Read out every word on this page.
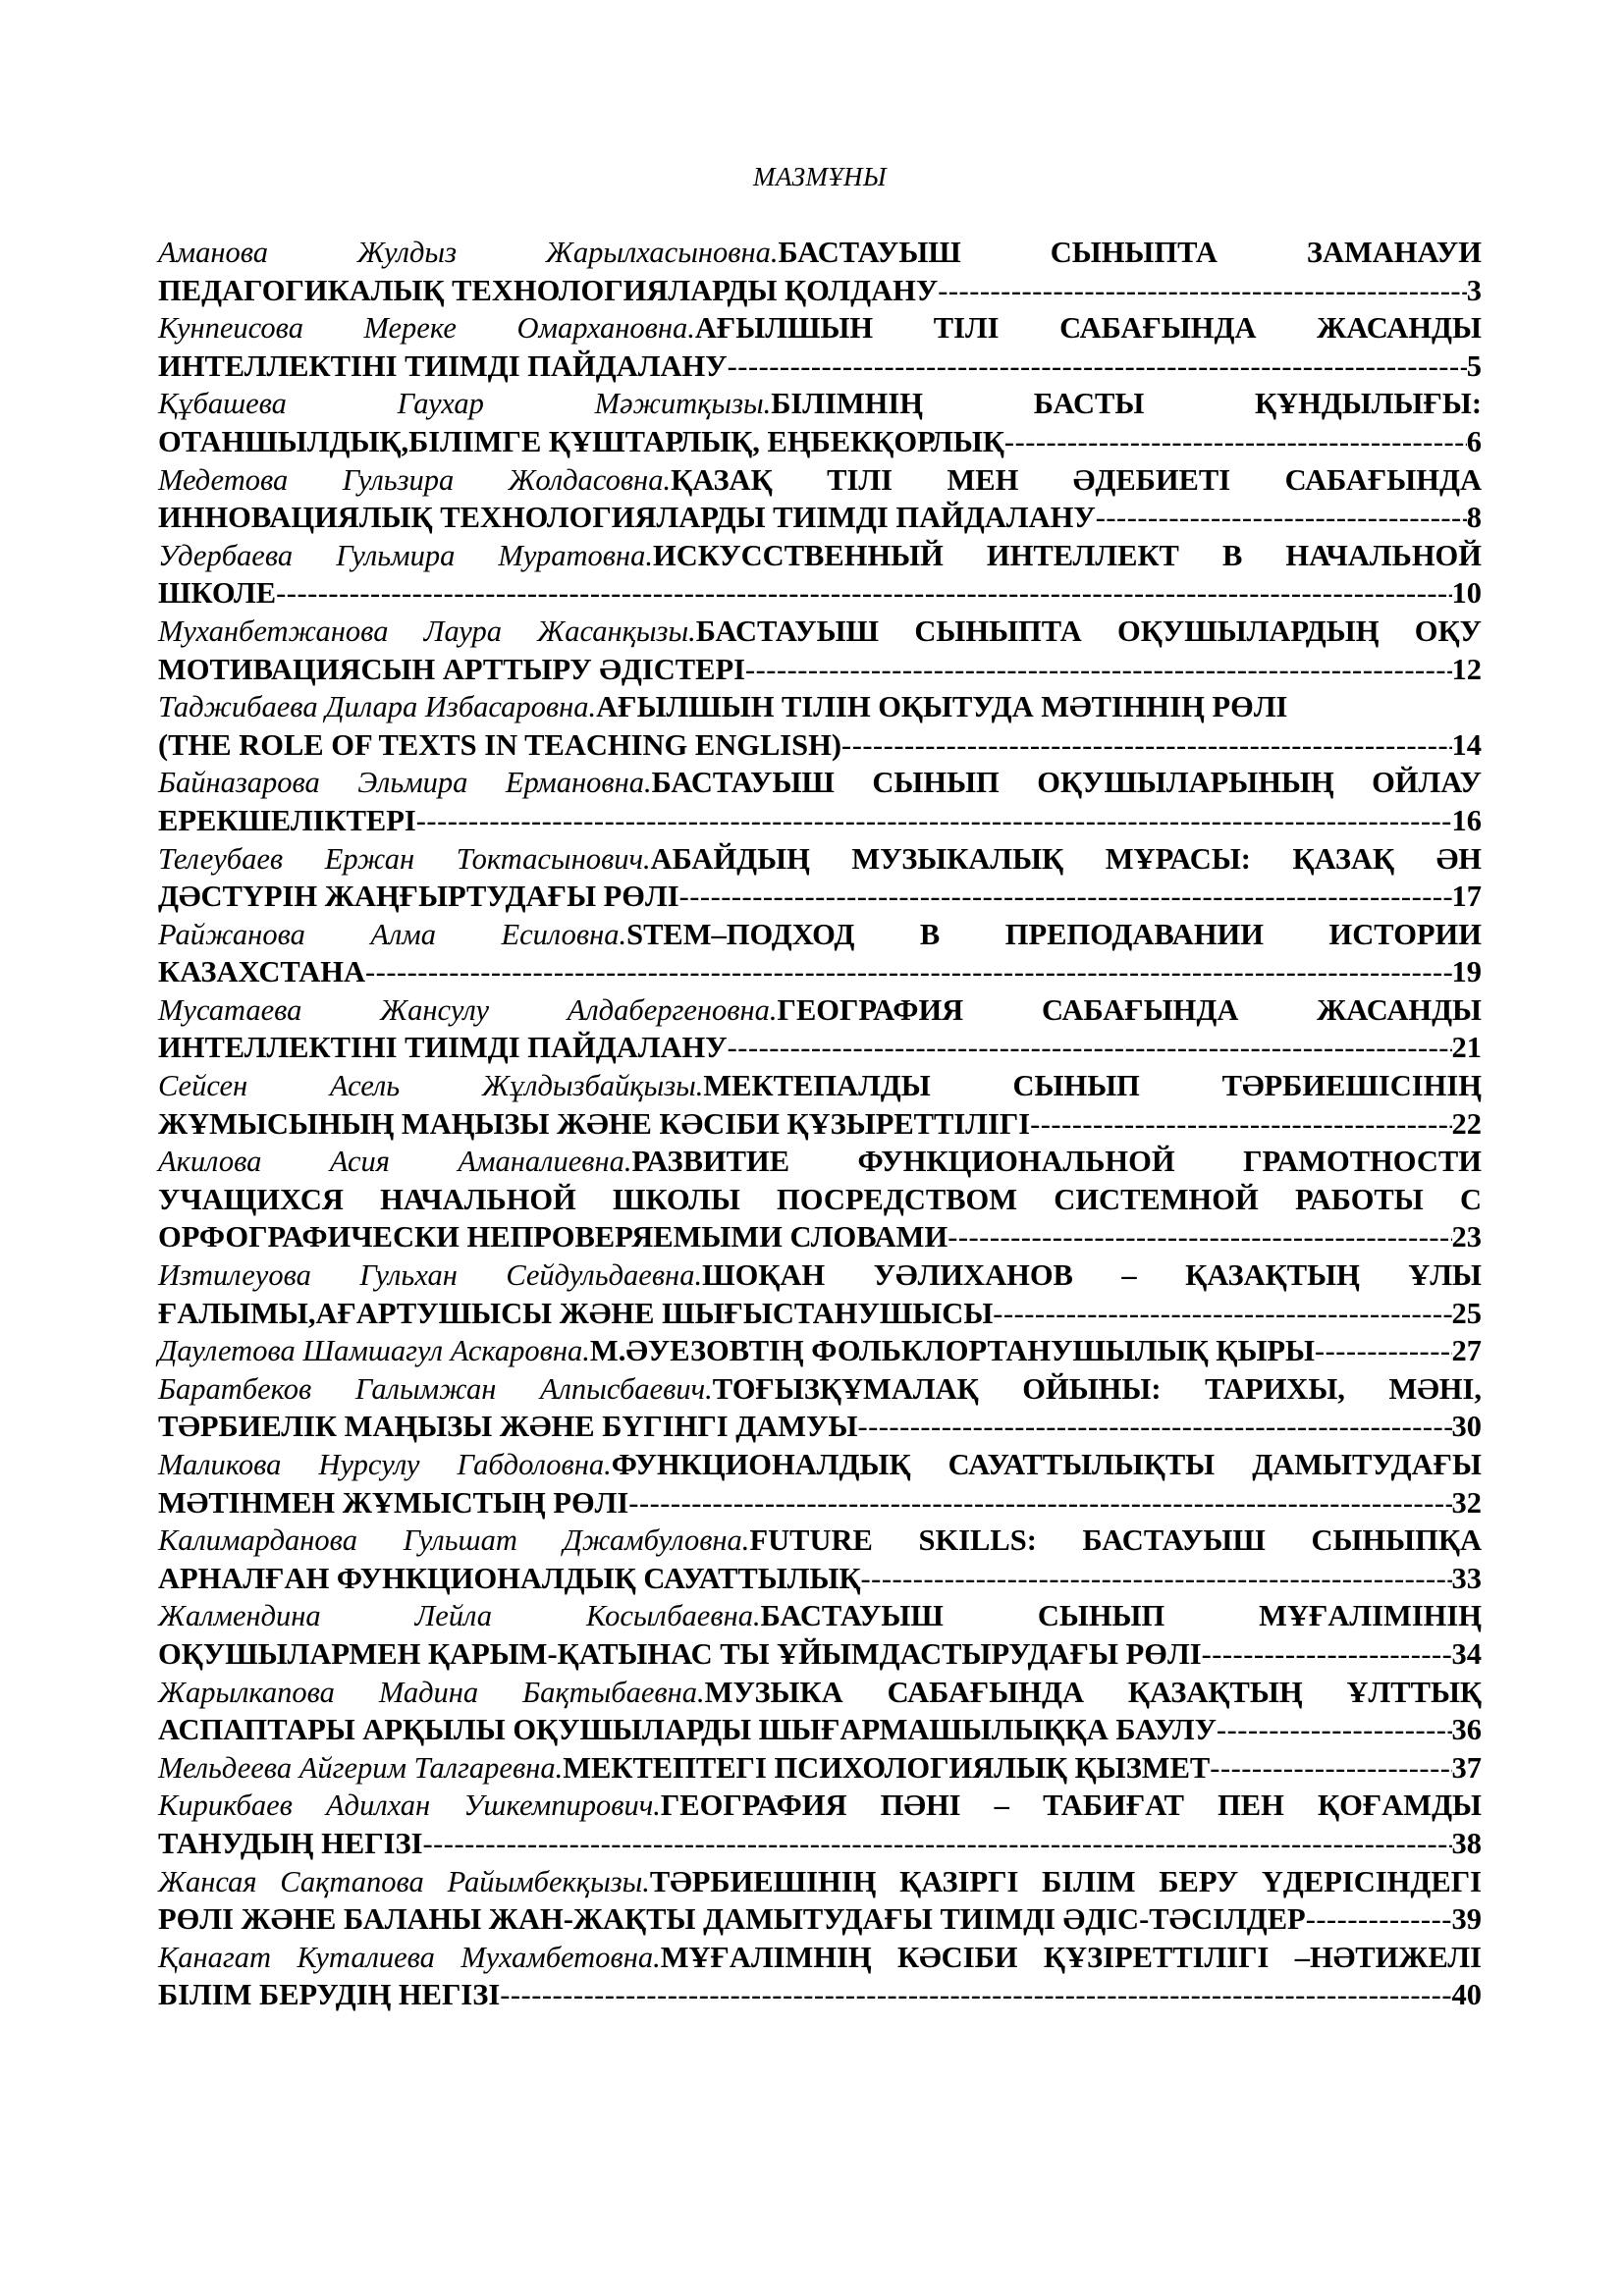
МАЗМҰНЫ
Аманова Жулдыз Жарылхасыновна.БАСТАУЫШ СЫНЫПТА ЗАМАНАУИ
ПЕДАГОГИКАЛЫҚ ТЕХНОЛОГИЯЛАРДЫ ҚОЛДАНУ -----	3
Кунпеисова Мереке Омархановна.АҒЫЛШЫН ТІЛІ САБАҒЫНДА ЖАСАНДЫ
ИНТЕЛЛЕКТІНІ ТИІМДІ ПАЙДАЛАНУ -----	5
Құбашева Гаухар Мәжитқызы.БІЛІМНІҢ БАСТЫ ҚҰНДЫЛЫҒЫ:
ОТАНШЫЛДЫҚ,БІЛІМГЕ ҚҰШТАРЛЫҚ, ЕҢБЕКҚОРЛЫҚ -----	6
Медетова Гульзира Жолдасовна.ҚАЗАҚ ТІЛІ МЕН ӘДЕБИЕТІ САБАҒЫНДА
ИННОВАЦИЯЛЫҚ ТЕХНОЛОГИЯЛАРДЫ ТИІМДІ ПАЙДАЛАНУ -----	8
Удербаева Гульмира Муратовна.ИСКУССТВЕННЫЙ ИНТЕЛЛЕКТ В НАЧАЛЬНОЙ
ШКОЛЕ -----	10
Муханбетжанова Лаура Жасанқызы.БАСТАУЫШ СЫНЫПТА ОҚУШЫЛАРДЫҢ ОҚУ
МОТИВАЦИЯСЫН АРТТЫРУ ӘДІСТЕРІ -----	12
Таджибаева Дилара Избасаровна.АҒЫЛШЫН ТІЛІН ОҚЫТУДА МӘТІННІҢ РӨЛІ
(THE ROLE OF TEXTS IN TEACHING ENGLISH) -----	14
Байназарова Эльмира Ермановна.БАСТАУЫШ СЫНЫП ОҚУШЫЛАРЫНЫҢ ОЙЛАУ
ЕРЕКШЕЛІКТЕРІ -----	16
Телеубаев Ержан Токтасынович.АБАЙДЫҢ МУЗЫКАЛЫҚ МҰРАСЫ: ҚАЗАҚ ӘН
ДӘСТҮРІН ЖАҢҒЫРТУДАҒЫ РӨЛІ -----	17
Райжанова Алма Есиловна.STEM–ПОДХОД В ПРЕПОДАВАНИИ ИСТОРИИ
КАЗАХСТАНА -----	19
Мусатаева Жансулу Алдабергеновна.ГЕОГРАФИЯ САБАҒЫНДА ЖАСАНДЫ
ИНТЕЛЛЕКТІНІ ТИІМДІ ПАЙДАЛАНУ -----	21
Сейсен Асель Жұлдызбайқызы.МЕКТЕПАЛДЫ СЫНЫП ТӘРБИЕШІСІНІҢ
ЖҰМЫСЫНЫҢ МАҢЫЗЫ ЖӘНЕ КӘСІБИ ҚҰЗЫРЕТТІЛІГІ -----	22
Акилова Асия Аманалиевна.РАЗВИТИЕ ФУНКЦИОНАЛЬНОЙ ГРАМОТНОСТИ
УЧАЩИХСЯ НАЧАЛЬНОЙ ШКОЛЫ ПОСРЕДСТВОМ СИСТЕМНОЙ РАБОТЫ С
ОРФОГРАФИЧЕСКИ НЕПРОВЕРЯЕМЫМИ СЛОВАМИ -----	23
Изтилеуова Гульхан Сейдульдаевна.ШОҚАН УӘЛИХАНОВ – ҚАЗАҚТЫҢ ҰЛЫ
ҒАЛЫМЫ,АҒАРТУШЫСЫ ЖӘНЕ ШЫҒЫСТАНУШЫСЫ -----	25
Даулетова Шамшагул Аскаровна. М.ӘУЕЗОВТІҢ ФОЛЬКЛОРТАНУШЫЛЫҚ ҚЫРЫ -----	27
Баратбеков Галымжан Алпысбаевич.ТОҒЫЗҚҰМАЛАҚ ОЙЫНЫ: ТАРИХЫ, МӘНІ,
ТӘРБИЕЛІК МАҢЫЗЫ ЖӘНЕ БҮГІНГІ ДАМУЫ -----	30
Маликова Нурсулу Габдоловна.ФУНКЦИОНАЛДЫҚ САУАТТЫЛЫҚТЫ ДАМЫТУДАҒЫ
МӘТІНМЕН ЖҰМЫСТЫҢ РӨЛІ -----	32
Калимарданова Гульшат Джамбуловна.FUTURE SKILLS: БАСТАУЫШ СЫНЫПҚА
АРНАЛҒАН ФУНКЦИОНАЛДЫҚ САУАТТЫЛЫҚ -----	33
Жалмендина Лейла Косылбаевна.БАСТАУЫШ СЫНЫП МҰҒАЛІМІНІҢ
ОҚУШЫЛАРМЕН ҚАРЫМ-ҚАТЫНАС ТЫ ҰЙЫМДАСТЫРУДАҒЫ РӨЛІ -----	34
Жарылкапова Мадина Бақтыбаевна.МУЗЫКА САБАҒЫНДА ҚАЗАҚТЫҢ ҰЛТТЫҚ
АСПАПТАРЫ АРҚЫЛЫ ОҚУШЫЛАРДЫ ШЫҒАРМАШЫЛЫҚҚА БАУЛУ -----	36
Мельдеева Айгерим Талгаревна. МЕКТЕПТЕГІ ПСИХОЛОГИЯЛЫҚ ҚЫЗМЕТ -----	37
Кирикбаев Адилхан Ушкемпирович.ГЕОГРАФИЯ ПӘНІ – ТАБИҒАТ ПЕН ҚОҒАМДЫ
ТАНУДЫҢ НЕГІЗІ -----	38
Жансая Сақтапова Райымбекқызы.ТӘРБИЕШІНІҢ ҚАЗІРГІ БІЛІМ БЕРУ ҮДЕРІСІНДЕГІ
РӨЛІ ЖӘНЕ БАЛАНЫ ЖАН-ЖАҚТЫ ДАМЫТУДАҒЫ ТИІМДІ ӘДІС-ТӘСІЛДЕР -----	39
Қанагат Куталиева Мухамбетовна.МҰҒАЛІМНІҢ КӘСІБИ ҚҰЗІРЕТТІЛІГІ –НӘТИЖЕЛІ
БІЛІМ БЕРУДІҢ НЕГІЗІ -----	40
